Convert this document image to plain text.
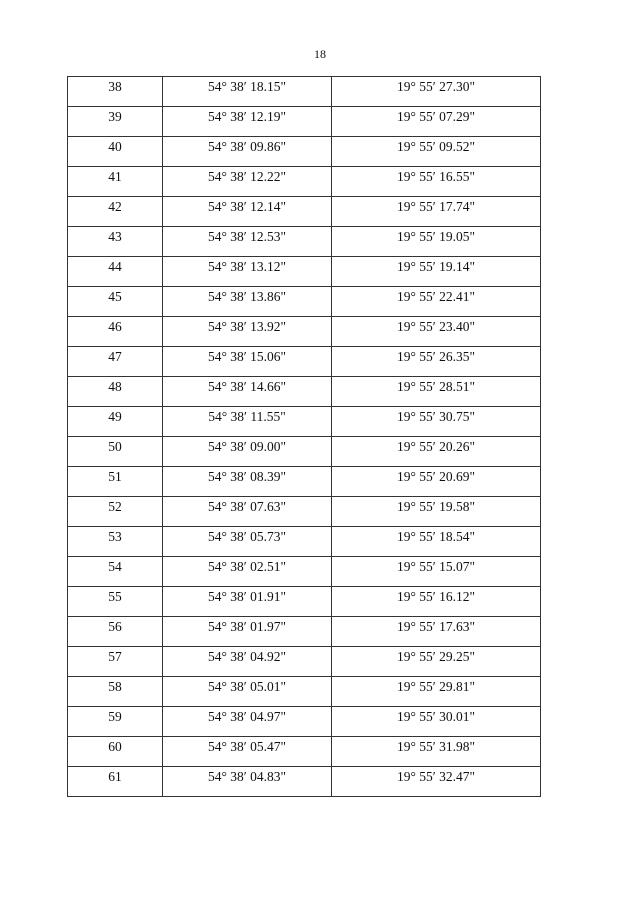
18
38	54° 38′ 18.15"	19° 55′ 27.30"
39	54° 38′ 12.19"	19° 55′ 07.29"
40	54° 38′ 09.86"	19° 55′ 09.52"
41	54° 38′ 12.22"	19° 55′ 16.55"
42	54° 38′ 12.14"	19° 55′ 17.74"
43	54° 38′ 12.53"	19° 55′ 19.05"
44	54° 38′ 13.12"	19° 55′ 19.14"
45	54° 38′ 13.86"	19° 55′ 22.41"
46	54° 38′ 13.92"	19° 55′ 23.40"
47	54° 38′ 15.06"	19° 55′ 26.35"
48	54° 38′ 14.66"	19° 55′ 28.51"
49	54° 38′ 11.55"	19° 55′ 30.75"
50	54° 38′ 09.00"	19° 55′ 20.26"
51	54° 38′ 08.39"	19° 55′ 20.69"
52	54° 38′ 07.63"	19° 55′ 19.58"
53	54° 38′ 05.73"	19° 55′ 18.54"
54	54° 38′ 02.51"	19° 55′ 15.07"
55	54° 38′ 01.91"	19° 55′ 16.12"
56	54° 38′ 01.97"	19° 55′ 17.63"
57	54° 38′ 04.92"	19° 55′ 29.25"
58	54° 38′ 05.01"	19° 55′ 29.81"
59	54° 38′ 04.97"	19° 55′ 30.01"
60	54° 38′ 05.47"	19° 55′ 31.98"
61	54° 38′ 04.83"	19° 55′ 32.47"
